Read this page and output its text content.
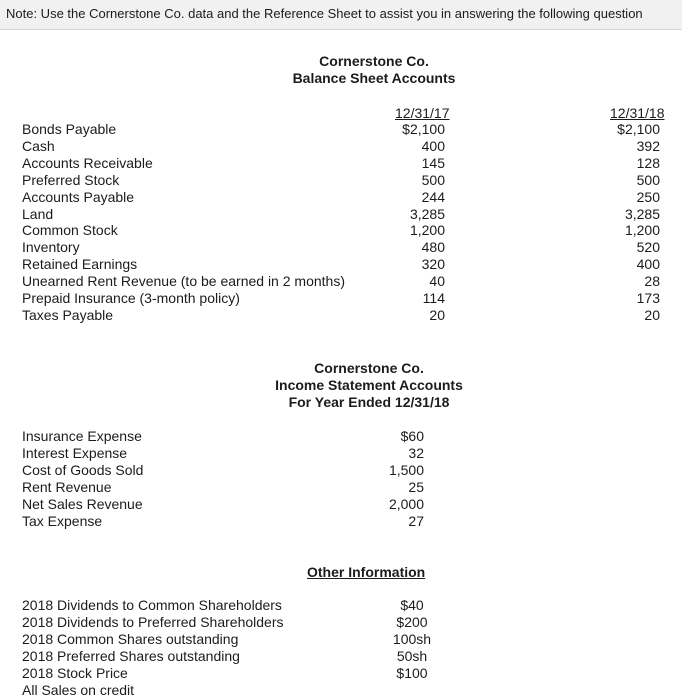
Note: Use the Cornerstone Co. data and the Reference Sheet to assist you in answering the following question
Cornerstone Co.
Balance Sheet Accounts
12/31/17	12/31/18
Bonds Payable
Cash
Accounts Receivable
Preferred Stock
Accounts Payable
Land
Common Stock
Inventory
Retained Earnings
Unearned Rent Revenue (to be earned in 2 months)
Prepaid Insurance (3-month policy)
Taxes Payable
$2,100
400
145
500
244
3,285
1,200
480
320
40
114
20
$2,100
392
128
500
250
3,285
1,200
520
400
28
173
20
Cornerstone Co.
Income Statement Accounts
For Year Ended 12/31/18
Insurance Expense
Interest Expense
Cost of Goods Sold
Rent Revenue
Net Sales Revenue
Tax Expense
$60
32
1,500
25
2,000
27
Other Information
2018 Dividends to Common Shareholders
2018 Dividends to Preferred Shareholders
2018 Common Shares outstanding
2018 Preferred Shares outstanding
2018 Stock Price
All Sales on credit
$40
$200
100sh
50sh
$100
